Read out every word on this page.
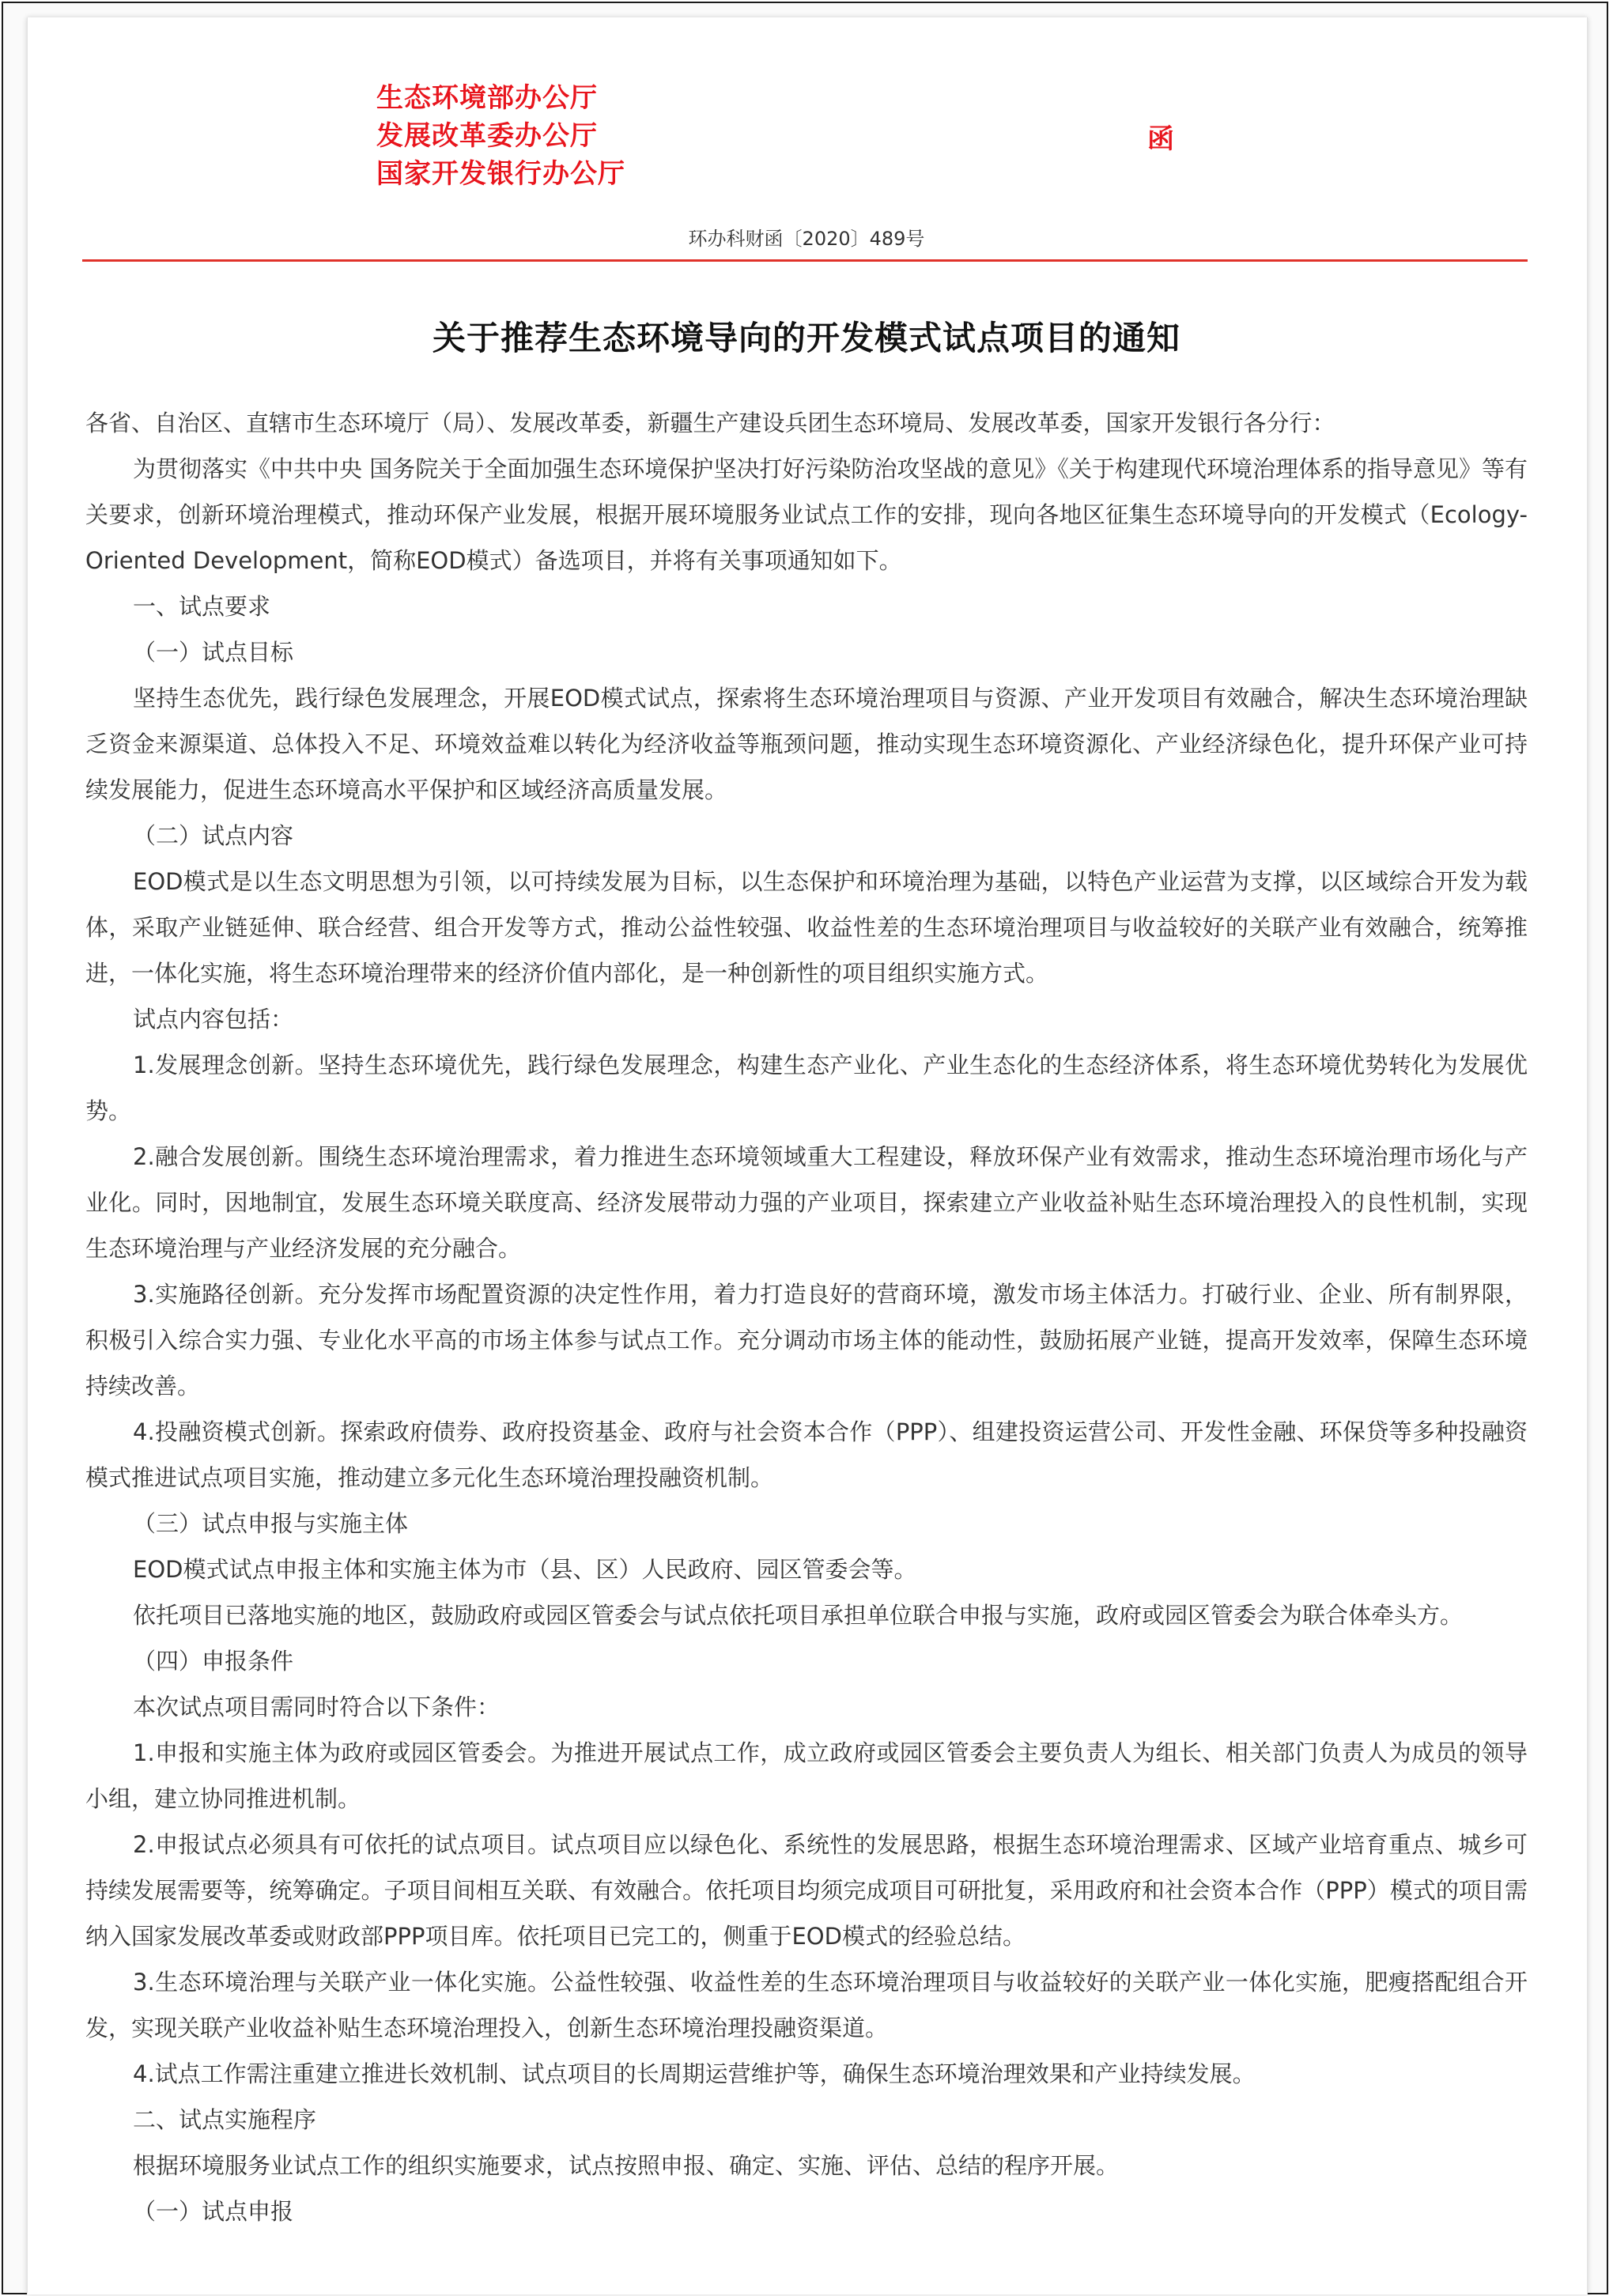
生态环境部办公厅
发展改革委办公厅
国家开发银行办公厅
函
环办科财函〔2020〕489号
关于推荐生态环境导向的开发模式试点项目的通知

各省、自治区、直辖市生态环境厅（局）、发展改革委，新疆生产建设兵团生态环境局、发展改革委，国家开发银行各分行：

为贯彻落实《中共中央 国务院关于全面加强生态环境保护坚决打好污染防治攻坚战的意见》《关于构建现代环境治理体系的指导意见》等有关要求，创新环境治理模式，推动环保产业发展，根据开展环境服务业试点工作的安排，现向各地区征集生态环境导向的开发模式（Ecology-Oriented Development，简称EOD模式）备选项目，并将有关事项通知如下。

一、试点要求

（一）试点目标

坚持生态优先，践行绿色发展理念，开展EOD模式试点，探索将生态环境治理项目与资源、产业开发项目有效融合，解决生态环境治理缺乏资金来源渠道、总体投入不足、环境效益难以转化为经济收益等瓶颈问题，推动实现生态环境资源化、产业经济绿色化，提升环保产业可持续发展能力，促进生态环境高水平保护和区域经济高质量发展。

（二）试点内容

EOD模式是以生态文明思想为引领，以可持续发展为目标，以生态保护和环境治理为基础，以特色产业运营为支撑，以区域综合开发为载体，采取产业链延伸、联合经营、组合开发等方式，推动公益性较强、收益性差的生态环境治理项目与收益较好的关联产业有效融合，统筹推进，一体化实施，将生态环境治理带来的经济价值内部化，是一种创新性的项目组织实施方式。

试点内容包括：

1.发展理念创新。坚持生态环境优先，践行绿色发展理念，构建生态产业化、产业生态化的生态经济体系，将生态环境优势转化为发展优势。

2.融合发展创新。围绕生态环境治理需求，着力推进生态环境领域重大工程建设，释放环保产业有效需求，推动生态环境治理市场化与产业化。同时，因地制宜，发展生态环境关联度高、经济发展带动力强的产业项目，探索建立产业收益补贴生态环境治理投入的良性机制，实现生态环境治理与产业经济发展的充分融合。

3.实施路径创新。充分发挥市场配置资源的决定性作用，着力打造良好的营商环境，激发市场主体活力。打破行业、企业、所有制界限，积极引入综合实力强、专业化水平高的市场主体参与试点工作。充分调动市场主体的能动性，鼓励拓展产业链，提高开发效率，保障生态环境持续改善。

4.投融资模式创新。探索政府债券、政府投资基金、政府与社会资本合作（PPP）、组建投资运营公司、开发性金融、环保贷等多种投融资模式推进试点项目实施，推动建立多元化生态环境治理投融资机制。

（三）试点申报与实施主体

EOD模式试点申报主体和实施主体为市（县、区）人民政府、园区管委会等。

依托项目已落地实施的地区，鼓励政府或园区管委会与试点依托项目承担单位联合申报与实施，政府或园区管委会为联合体牵头方。

（四）申报条件

本次试点项目需同时符合以下条件：

1.申报和实施主体为政府或园区管委会。为推进开展试点工作，成立政府或园区管委会主要负责人为组长、相关部门负责人为成员的领导小组，建立协同推进机制。

2.申报试点必须具有可依托的试点项目。试点项目应以绿色化、系统性的发展思路，根据生态环境治理需求、区域产业培育重点、城乡可持续发展需要等，统筹确定。子项目间相互关联、有效融合。依托项目均须完成项目可研批复，采用政府和社会资本合作（PPP）模式的项目需纳入国家发展改革委或财政部PPP项目库。依托项目已完工的，侧重于EOD模式的经验总结。

3.生态环境治理与关联产业一体化实施。公益性较强、收益性差的生态环境治理项目与收益较好的关联产业一体化实施，肥瘦搭配组合开发，实现关联产业收益补贴生态环境治理投入，创新生态环境治理投融资渠道。

4.试点工作需注重建立推进长效机制、试点项目的长周期运营维护等，确保生态环境治理效果和产业持续发展。

二、试点实施程序

根据环境服务业试点工作的组织实施要求，试点按照申报、确定、实施、评估、总结的程序开展。

（一）试点申报
